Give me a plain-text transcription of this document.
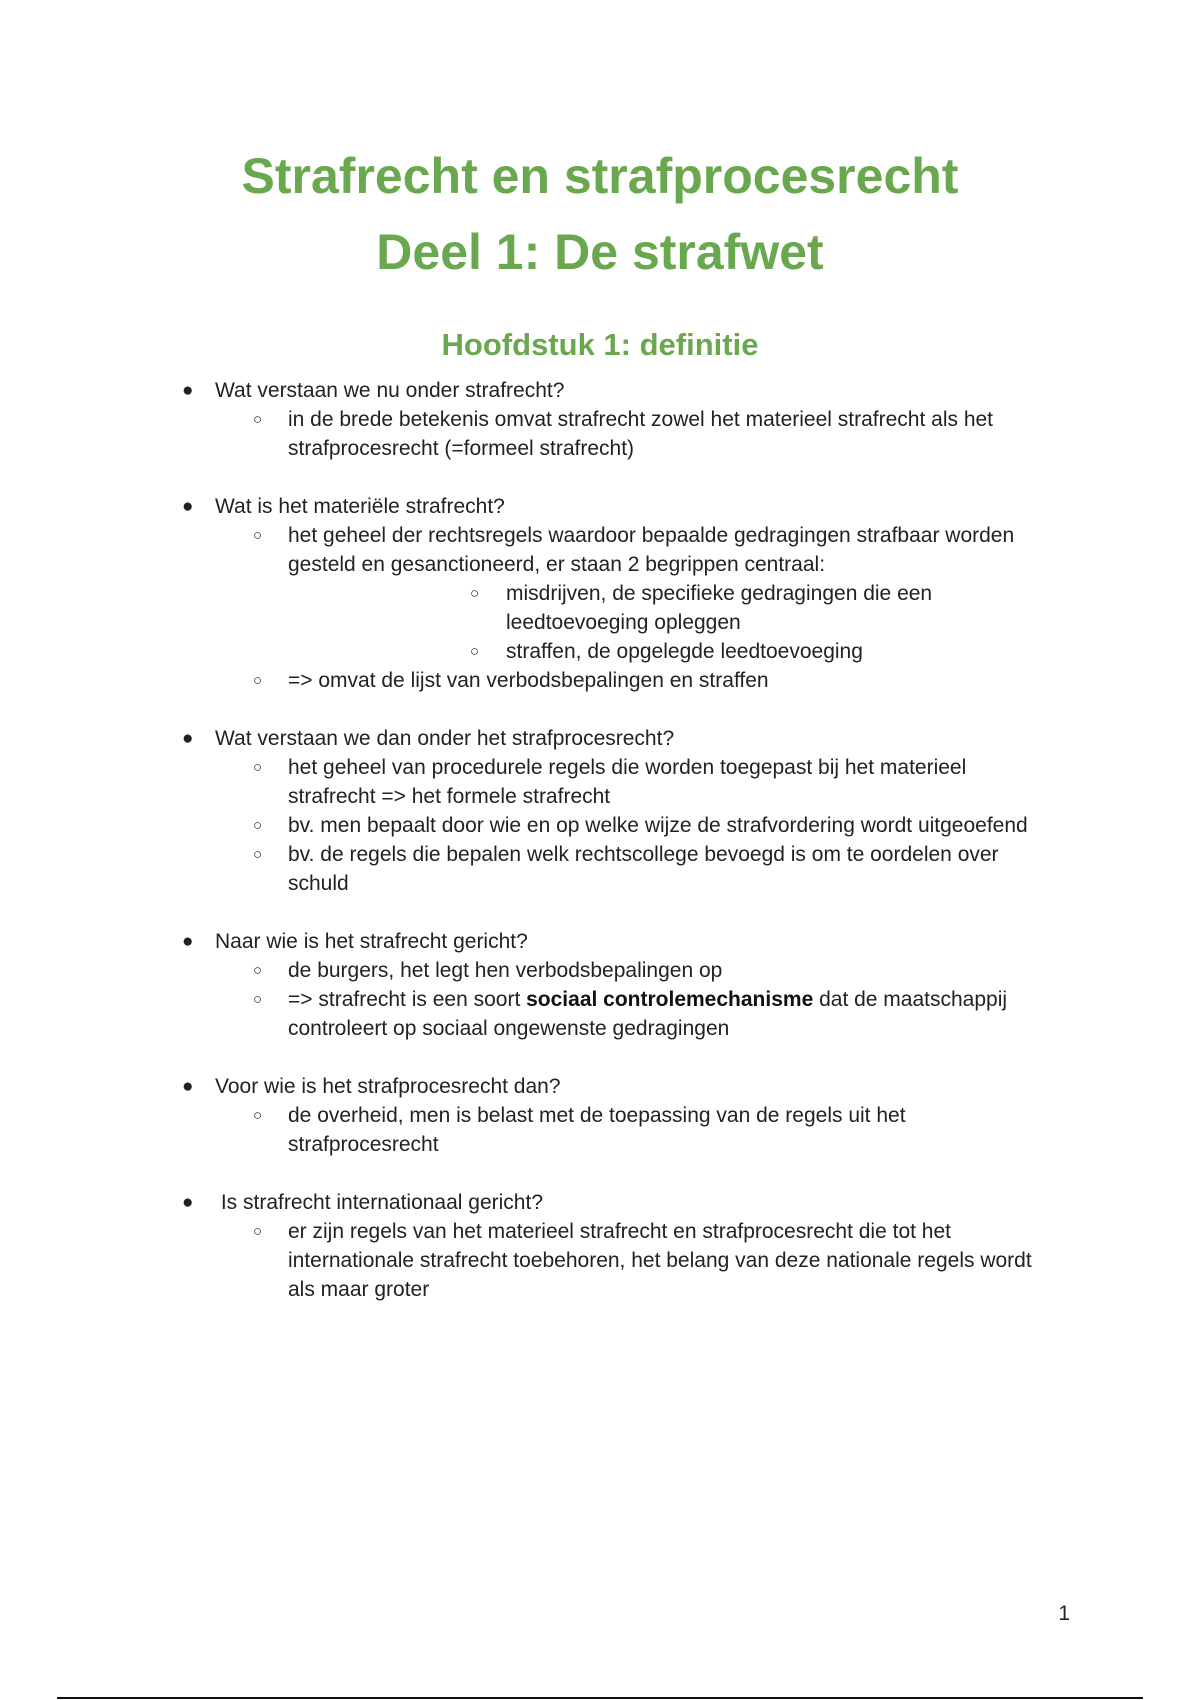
Strafrecht en strafprocesrecht
Deel 1: De strafwet
Hoofdstuk 1: definitie
● Wat verstaan we nu onder strafrecht?
○ in de brede betekenis omvat strafrecht zowel het materieel strafrecht als het strafprocesrecht (=formeel strafrecht)
● Wat is het materiële strafrecht?
○ het geheel der rechtsregels waardoor bepaalde gedragingen strafbaar worden gesteld en gesanctioneerd, er staan 2 begrippen centraal:
○ misdrijven, de specifieke gedragingen die een leedtoevoeging opleggen
○ straffen, de opgelegde leedtoevoeging
○ => omvat de lijst van verbodsbepalingen en straffen
● Wat verstaan we dan onder het strafprocesrecht?
○ het geheel van procedurele regels die worden toegepast bij het materieel strafrecht => het formele strafrecht
○ bv. men bepaalt door wie en op welke wijze de strafvordering wordt uitgeoefend
○ bv. de regels die bepalen welk rechtscollege bevoegd is om te oordelen over schuld
● Naar wie is het strafrecht gericht?
○ de burgers, het legt hen verbodsbepalingen op
○ => strafrecht is een soort sociaal controlemechanisme dat de maatschappij controleert op sociaal ongewenste gedragingen
● Voor wie is het strafprocesrecht dan?
○ de overheid, men is belast met de toepassing van de regels uit het strafprocesrecht
● Is strafrecht internationaal gericht?
○ er zijn regels van het materieel strafrecht en strafprocesrecht die tot het internationale strafrecht toebehoren, het belang van deze nationale regels wordt als maar groter
1
